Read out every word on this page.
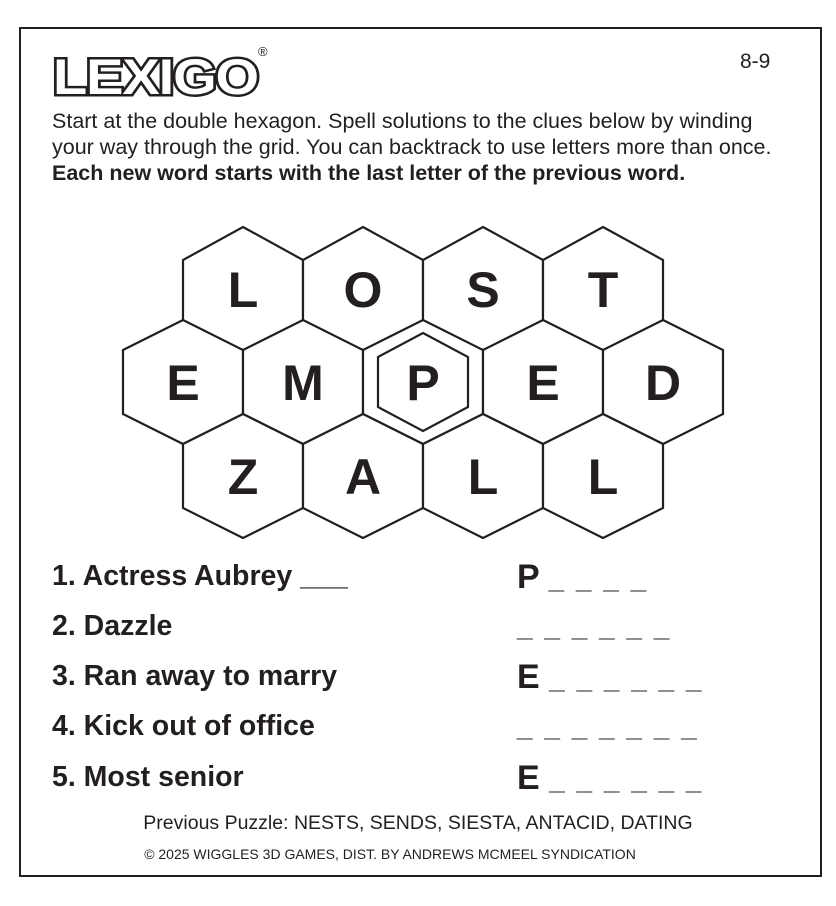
LEXIGO ®	8-9
Start at the double hexagon. Spell solutions to the clues below by winding your way through the grid. You can backtrack to use letters more than once. Each new word starts with the last letter of the previous word.
L O S T
E M P E D
Z A L L
1. Actress Aubrey ___	P _ _ _ _
2. Dazzle	_ _ _ _ _ _
3. Ran away to marry	E _ _ _ _ _ _
4. Kick out of office	_ _ _ _ _ _ _
5. Most senior	E _ _ _ _ _ _
Previous Puzzle: NESTS, SENDS, SIESTA, ANTACID, DATING
© 2025 WIGGLES 3D GAMES, DIST. BY ANDREWS MCMEEL SYNDICATION
